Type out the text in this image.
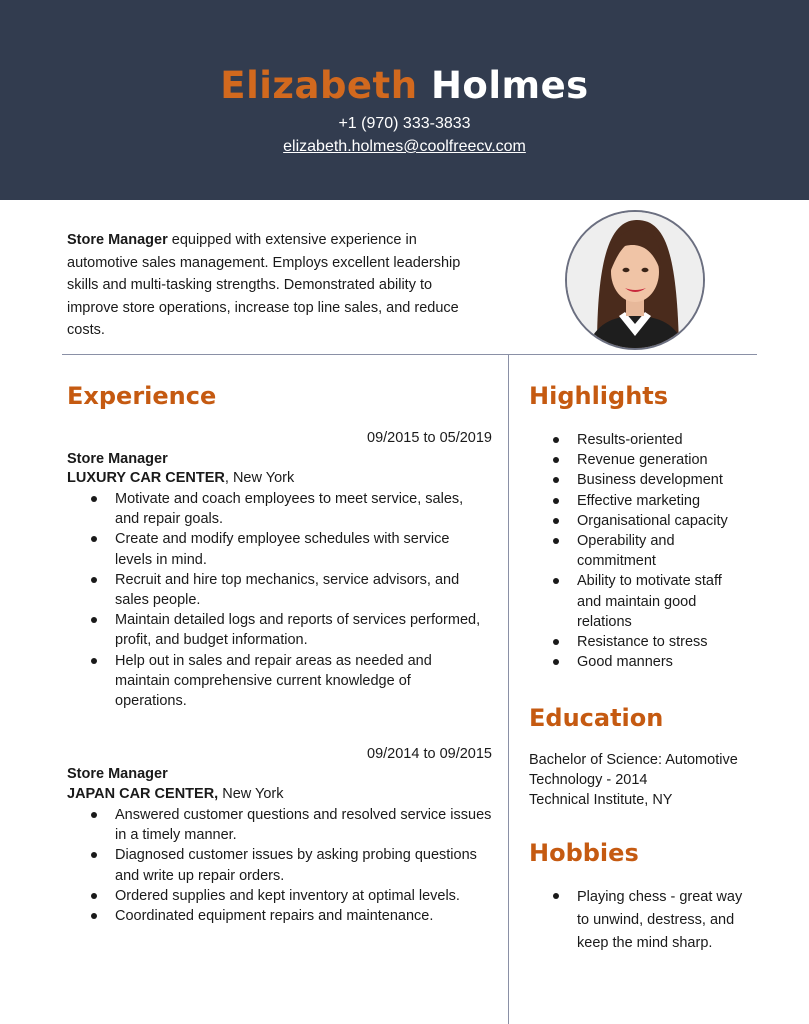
Elizabeth Holmes
+1 (970) 333-3833
elizabeth.holmes@coolfreecv.com
Store Manager equipped with extensive experience in automotive sales management. Employs excellent leadership skills and multi-tasking strengths. Demonstrated ability to improve store operations, increase top line sales, and reduce costs.
Experience
09/2015 to 05/2019
Store Manager
LUXURY CAR CENTER, New York
Motivate and coach employees to meet service, sales, and repair goals.
Create and modify employee schedules with service levels in mind.
Recruit and hire top mechanics, service advisors, and sales people.
Maintain detailed logs and reports of services performed, profit, and budget information.
Help out in sales and repair areas as needed and maintain comprehensive current knowledge of operations.
09/2014 to 09/2015
Store Manager
JAPAN CAR CENTER, New York
Answered customer questions and resolved service issues in a timely manner.
Diagnosed customer issues by asking probing questions and write up repair orders.
Ordered supplies and kept inventory at optimal levels.
Coordinated equipment repairs and maintenance.
Highlights
Results-oriented
Revenue generation
Business development
Effective marketing
Organisational capacity
Operability and commitment
Ability to motivate staff and maintain good relations
Resistance to stress
Good manners
Education
Bachelor of Science: Automotive
Technology - 2014
Technical Institute, NY
Hobbies
Playing chess - great way to unwind, destress, and keep the mind sharp.
